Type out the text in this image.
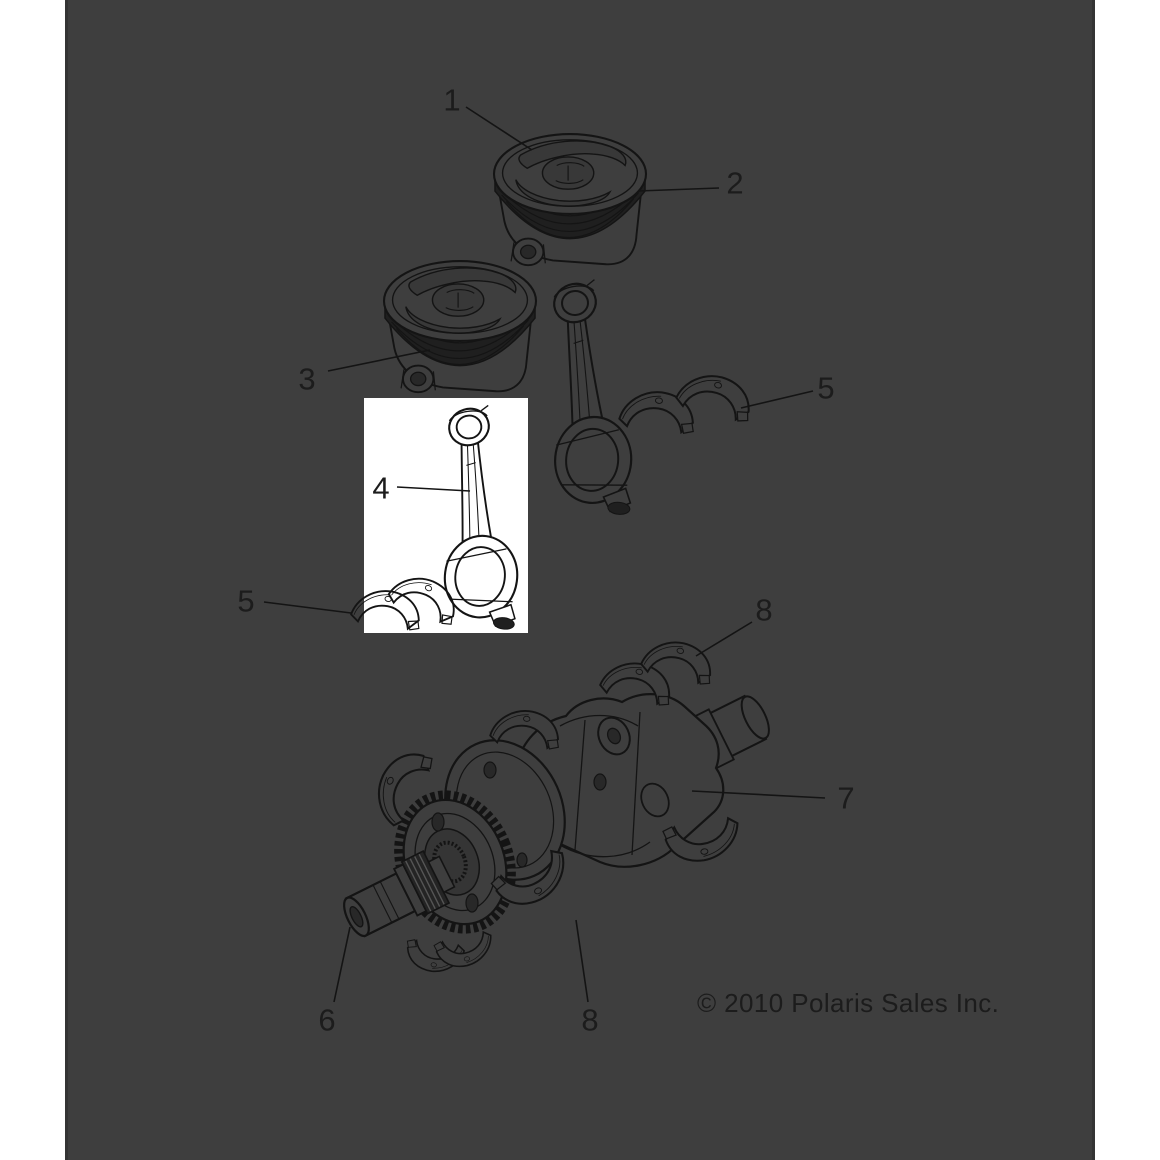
1
2
3
4
5
5
6
7
8
8	© 2010 Polaris Sales Inc.
